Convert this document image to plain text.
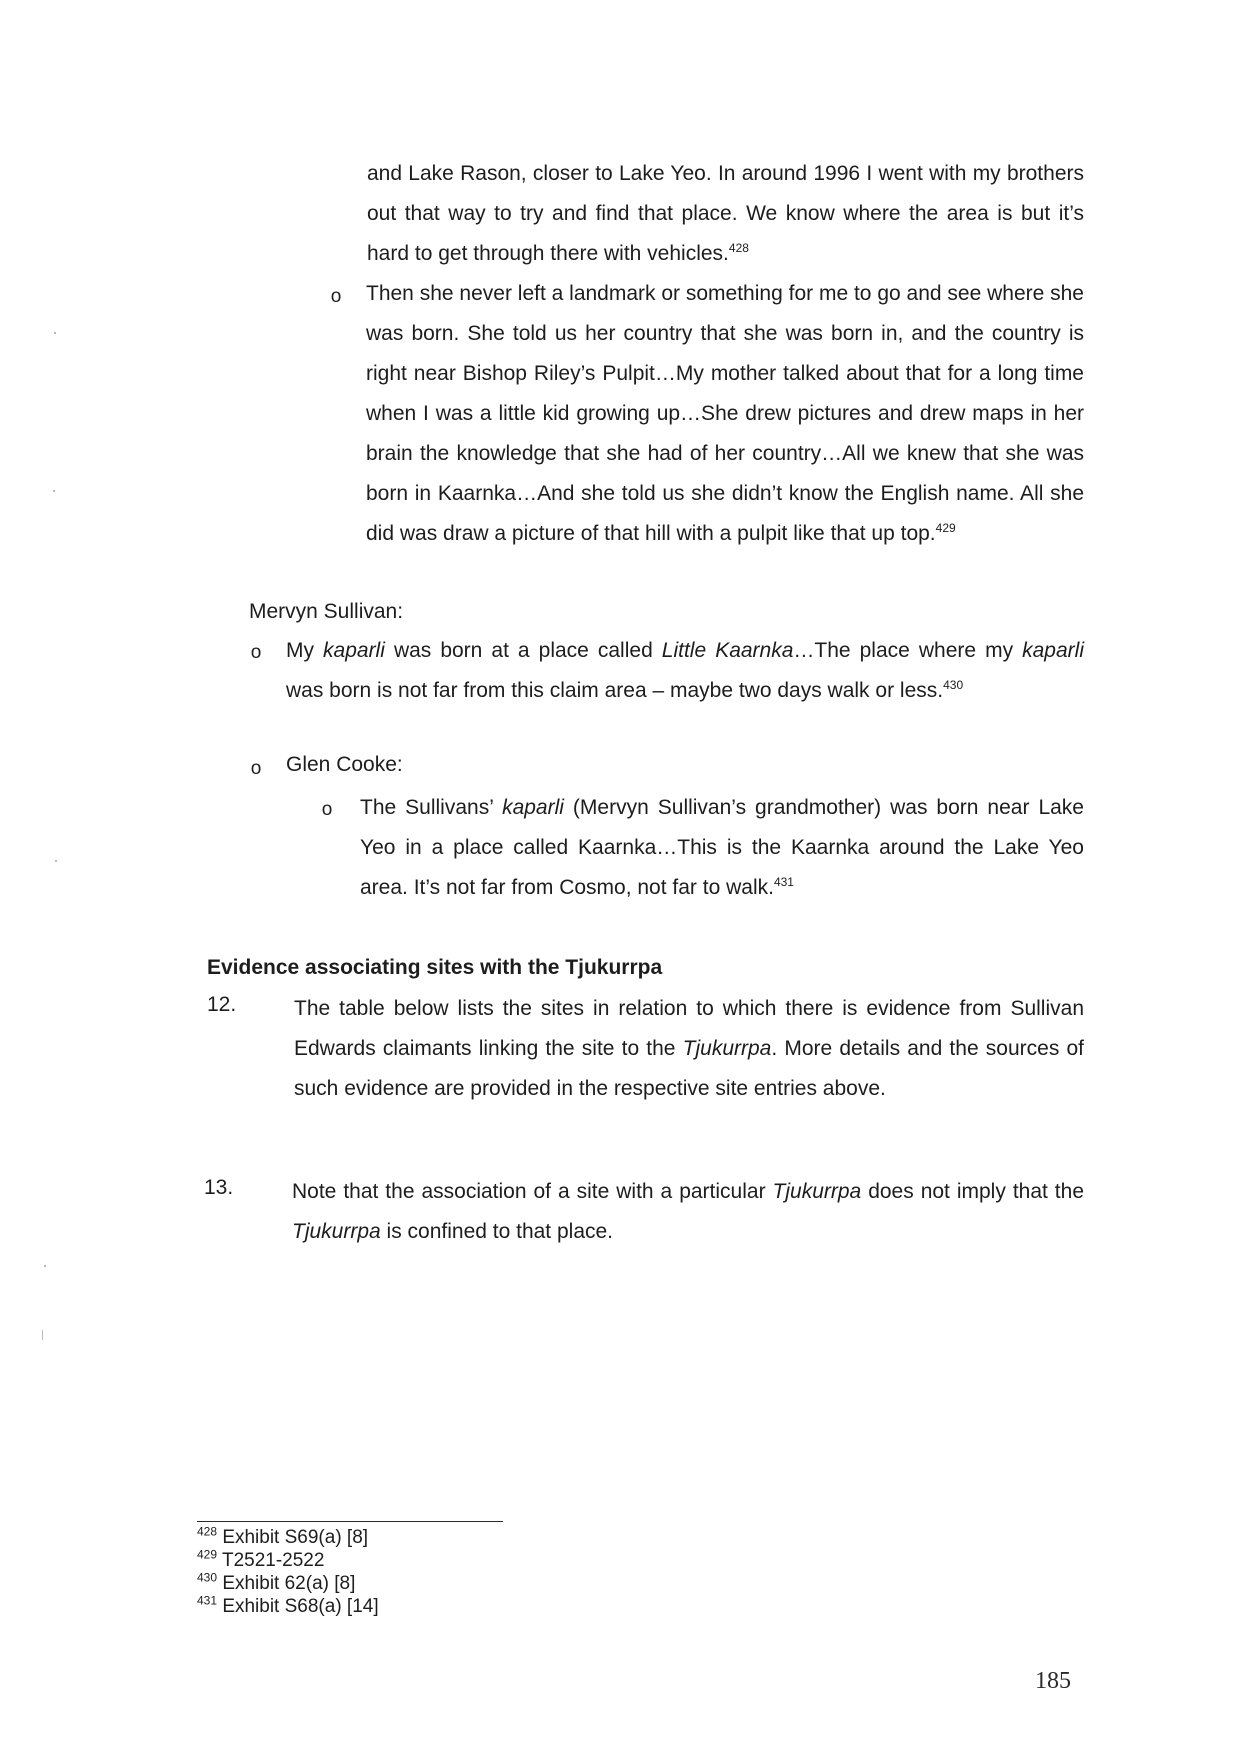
and Lake Rason, closer to Lake Yeo. In around 1996 I went with my brothers out that way to try and find that place. We know where the area is but it’s hard to get through there with vehicles.$^{428}$

o Then she never left a landmark or something for me to go and see where she was born. She told us her country that she was born in, and the country is right near Bishop Riley’s Pulpit…My mother talked about that for a long time when I was a little kid growing up…She drew pictures and drew maps in her brain the knowledge that she had of her country…All we knew that she was born in Kaarnka…And she told us she didn’t know the English name. All she did was draw a picture of that hill with a pulpit like that up top.$^{429}$

Mervyn Sullivan:
o My kaparli was born at a place called Little Kaarnka…The place where my kaparli was born is not far from this claim area – maybe two days walk or less.$^{430}$

o Glen Cooke:
o The Sullivans’ kaparli (Mervyn Sullivan’s grandmother) was born near Lake Yeo in a place called Kaarnka…This is the Kaarnka around the Lake Yeo area. It’s not far from Cosmo, not far to walk.$^{431}$

Evidence associating sites with the Tjukurrpa
12.	The table below lists the sites in relation to which there is evidence from Sullivan Edwards claimants linking the site to the Tjukurrpa. More details and the sources of such evidence are provided in the respective site entries above.

13.	Note that the association of a site with a particular Tjukurrpa does not imply that the Tjukurrpa is confined to that place.

$^{428}$ Exhibit S69(a) [8]
$^{429}$ T2521-2522
$^{430}$ Exhibit 62(a) [8]
$^{431}$ Exhibit S68(a) [14]
185
